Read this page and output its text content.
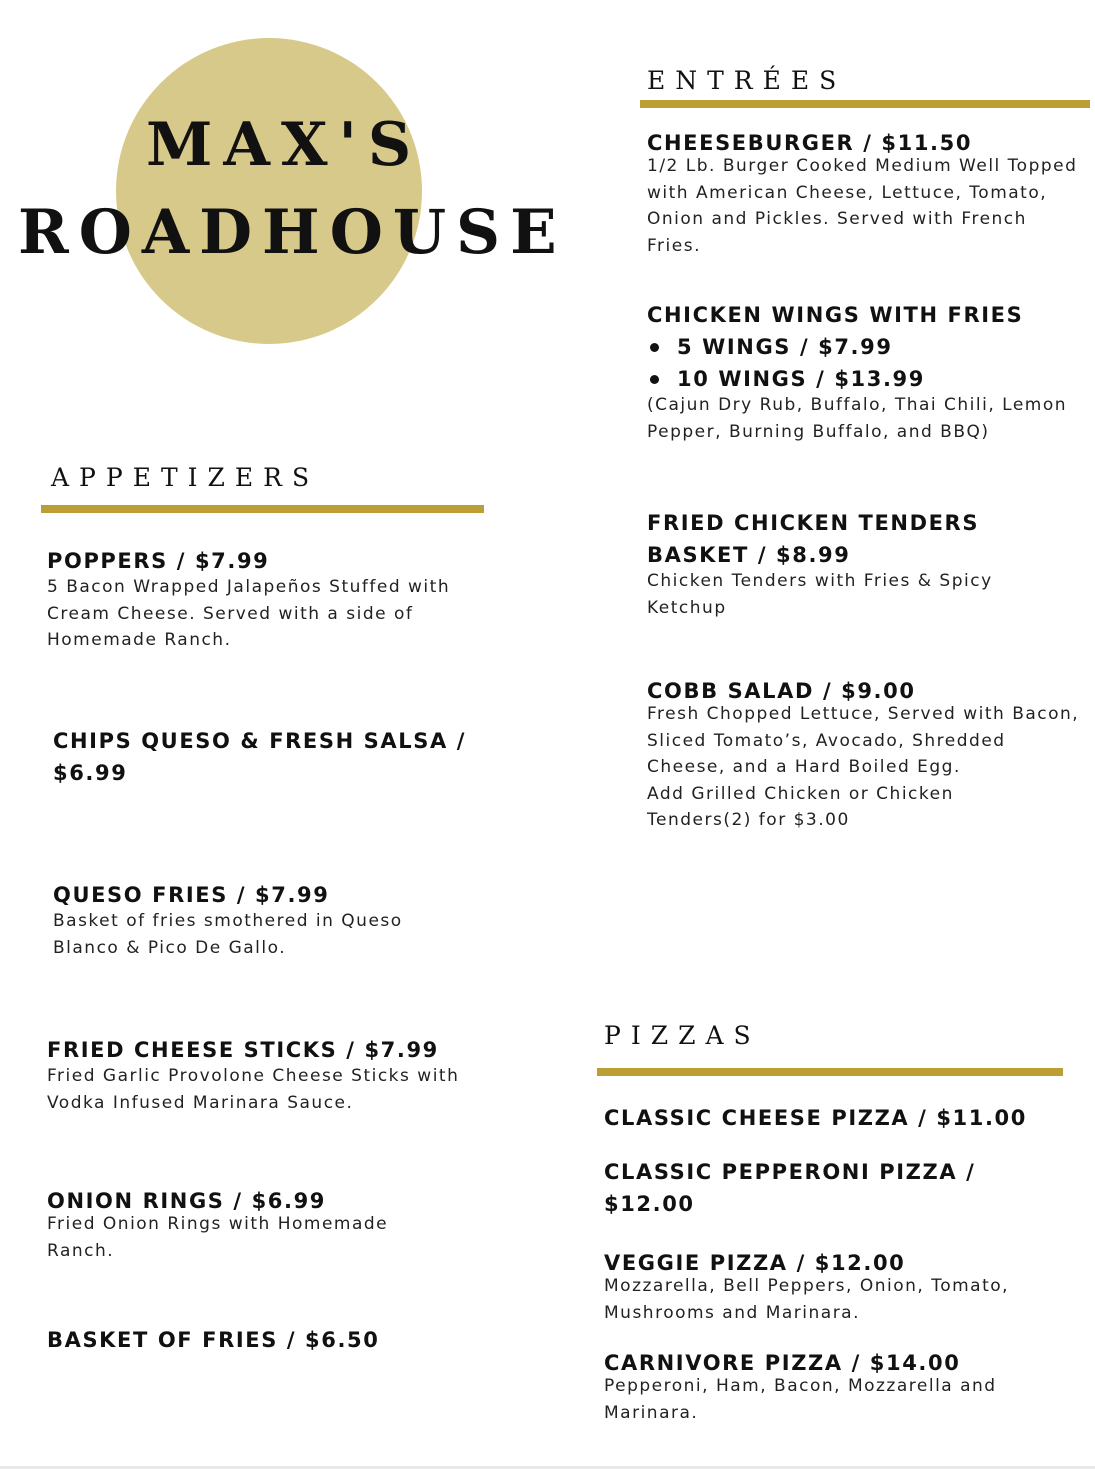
MAX'S
ROADHOUSE
ENTRÉES
CHEESEBURGER / $11.50
1/2 Lb. Burger Cooked Medium Well Topped with American Cheese, Lettuce, Tomato, Onion and Pickles. Served with French Fries.
CHICKEN WINGS WITH FRIES
5 WINGS / $7.99
10 WINGS / $13.99
(Cajun Dry Rub, Buffalo, Thai Chili, Lemon Pepper, Burning Buffalo, and BBQ)
FRIED CHICKEN TENDERS BASKET / $8.99
Chicken Tenders with Fries & Spicy Ketchup
COBB SALAD / $9.00
Fresh Chopped Lettuce, Served with Bacon, Sliced Tomato’s, Avocado, Shredded Cheese, and a Hard Boiled Egg.
Add Grilled Chicken or Chicken Tenders(2) for $3.00
APPETIZERS
POPPERS / $7.99
5 Bacon Wrapped Jalapeños Stuffed with Cream Cheese. Served with a side of Homemade Ranch.
CHIPS QUESO & FRESH SALSA / $6.99
QUESO FRIES / $7.99
Basket of fries smothered in Queso Blanco & Pico De Gallo.
FRIED CHEESE STICKS / $7.99
Fried Garlic Provolone Cheese Sticks with Vodka Infused Marinara Sauce.
ONION RINGS / $6.99
Fried Onion Rings with Homemade Ranch.
BASKET OF FRIES / $6.50
PIZZAS
CLASSIC CHEESE PIZZA / $11.00
CLASSIC PEPPERONI PIZZA / $12.00
VEGGIE PIZZA / $12.00
Mozzarella, Bell Peppers, Onion, Tomato, Mushrooms and Marinara.
CARNIVORE PIZZA / $14.00
Pepperoni, Ham, Bacon, Mozzarella and Marinara.
